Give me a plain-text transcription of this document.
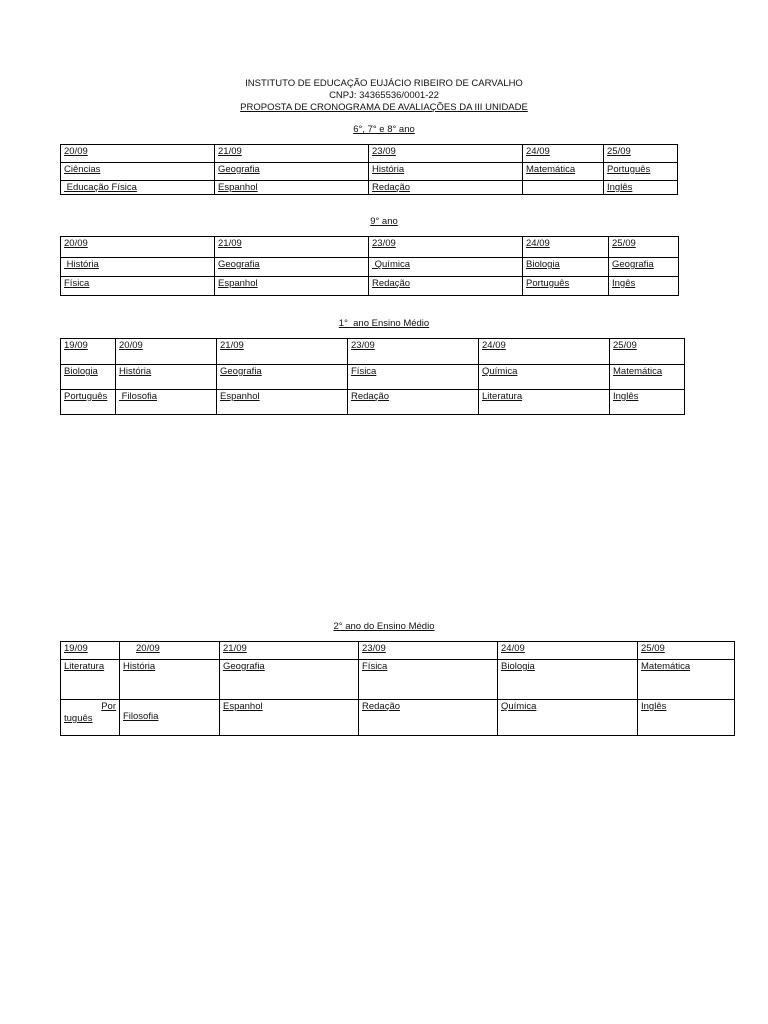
INSTITUTO DE EDUCAÇÃO EUJÁCIO RIBEIRO DE CARVALHO
CNPJ: 34365536/0001-22
PROPOSTA DE CRONOGRAMA DE AVALIAÇÕES DA III UNIDADE
6°, 7° e 8° ano
20/09	21/09	23/09	24/09	25/09
Ciências	Geografia	História	Matemática	Português
Educação Física	Espanhol	Redação		Inglês
9° ano
20/09	21/09	23/09	24/09	25/09
História	Geografia	Química	Biologia	Geografia
Física	Espanhol	Redação	Português	Ingês
1°  ano Ensino Médio
19/09	20/09	21/09	23/09	24/09	25/09
Biologia	História	Geografia	Física	Química	Matemática
Português	Filosofia	Espanhol	Redação	Literatura	Inglês
2° ano do Ensino Médio
19/09	20/09	21/09	23/09	24/09	25/09
Literatura	História	Geografia	Física	Biologia	Matemática

Por
tuguês	Filosofia	Espanhol	Redação	Química	Inglês
